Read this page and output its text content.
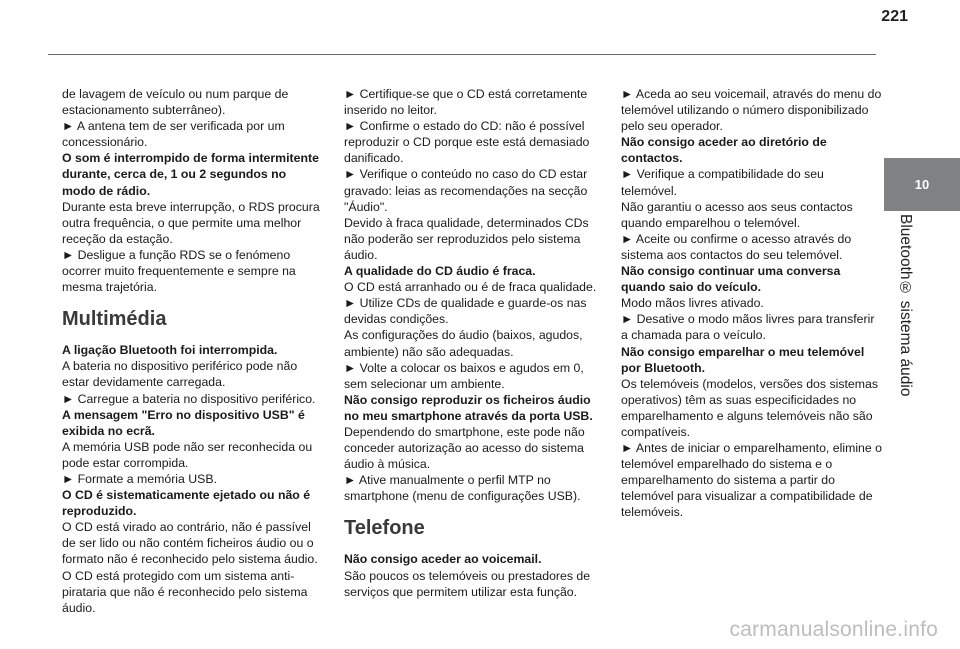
221
10
Bluetooth® sistema áudio

de lavagem de veículo ou num parque de estacionamento subterrâneo).

► A antena tem de ser verificada por um concessionário.

O som é interrompido de forma intermitente durante, cerca de, 1 ou 2 segundos no modo de rádio.

Durante esta breve interrupção, o RDS procura outra frequência, o que permite uma melhor receção da estação.

► Desligue a função RDS se o fenómeno ocorrer muito frequentemente e sempre na mesma trajetória.

Multimédia

A ligação Bluetooth foi interrompida.

A bateria no dispositivo periférico pode não estar devidamente carregada.

► Carregue a bateria no dispositivo periférico.

A mensagem "Erro no dispositivo USB" é exibida no ecrã.

A memória USB pode não ser reconhecida ou pode estar corrompida.

► Formate a memória USB.

O CD é sistematicamente ejetado ou não é reproduzido.

O CD está virado ao contrário, não é passível de ser lido ou não contém ficheiros áudio ou o formato não é reconhecido pelo sistema áudio.

O CD está protegido com um sistema anti-pirataria que não é reconhecido pelo sistema áudio.

► Certifique-se que o CD está corretamente inserido no leitor.

► Confirme o estado do CD: não é possível reproduzir o CD porque este está demasiado danificado.

► Verifique o conteúdo no caso do CD estar gravado: leias as recomendações na secção "Áudio".

Devido à fraca qualidade, determinados CDs não poderão ser reproduzidos pelo sistema áudio.

A qualidade do CD áudio é fraca.

O CD está arranhado ou é de fraca qualidade.

► Utilize CDs de qualidade e guarde-os nas devidas condições.

As configurações do áudio (baixos, agudos, ambiente) não são adequadas.

► Volte a colocar os baixos e agudos em 0, sem selecionar um ambiente.

Não consigo reproduzir os ficheiros áudio no meu smartphone através da porta USB.

Dependendo do smartphone, este pode não conceder autorização ao acesso do sistema áudio à música.

► Ative manualmente o perfil MTP no smartphone (menu de configurações USB).

Telefone

Não consigo aceder ao voicemail.

São poucos os telemóveis ou prestadores de serviços que permitem utilizar esta função.

► Aceda ao seu voicemail, através do menu do telemóvel utilizando o número disponibilizado pelo seu operador.

Não consigo aceder ao diretório de contactos.

► Verifique a compatibilidade do seu telemóvel.

Não garantiu o acesso aos seus contactos quando emparelhou o telemóvel.

► Aceite ou confirme o acesso através do sistema aos contactos do seu telemóvel.

Não consigo continuar uma conversa quando saio do veículo.

Modo mãos livres ativado.

► Desative o modo mãos livres para transferir a chamada para o veículo.

Não consigo emparelhar o meu telemóvel por Bluetooth.

Os telemóveis (modelos, versões dos sistemas operativos) têm as suas especificidades no emparelhamento e alguns telemóveis não são compatíveis.

► Antes de iniciar o emparelhamento, elimine o telemóvel emparelhado do sistema e o emparelhamento do sistema a partir do telemóvel para visualizar a compatibilidade de telemóveis.

carmanualsonline.info
